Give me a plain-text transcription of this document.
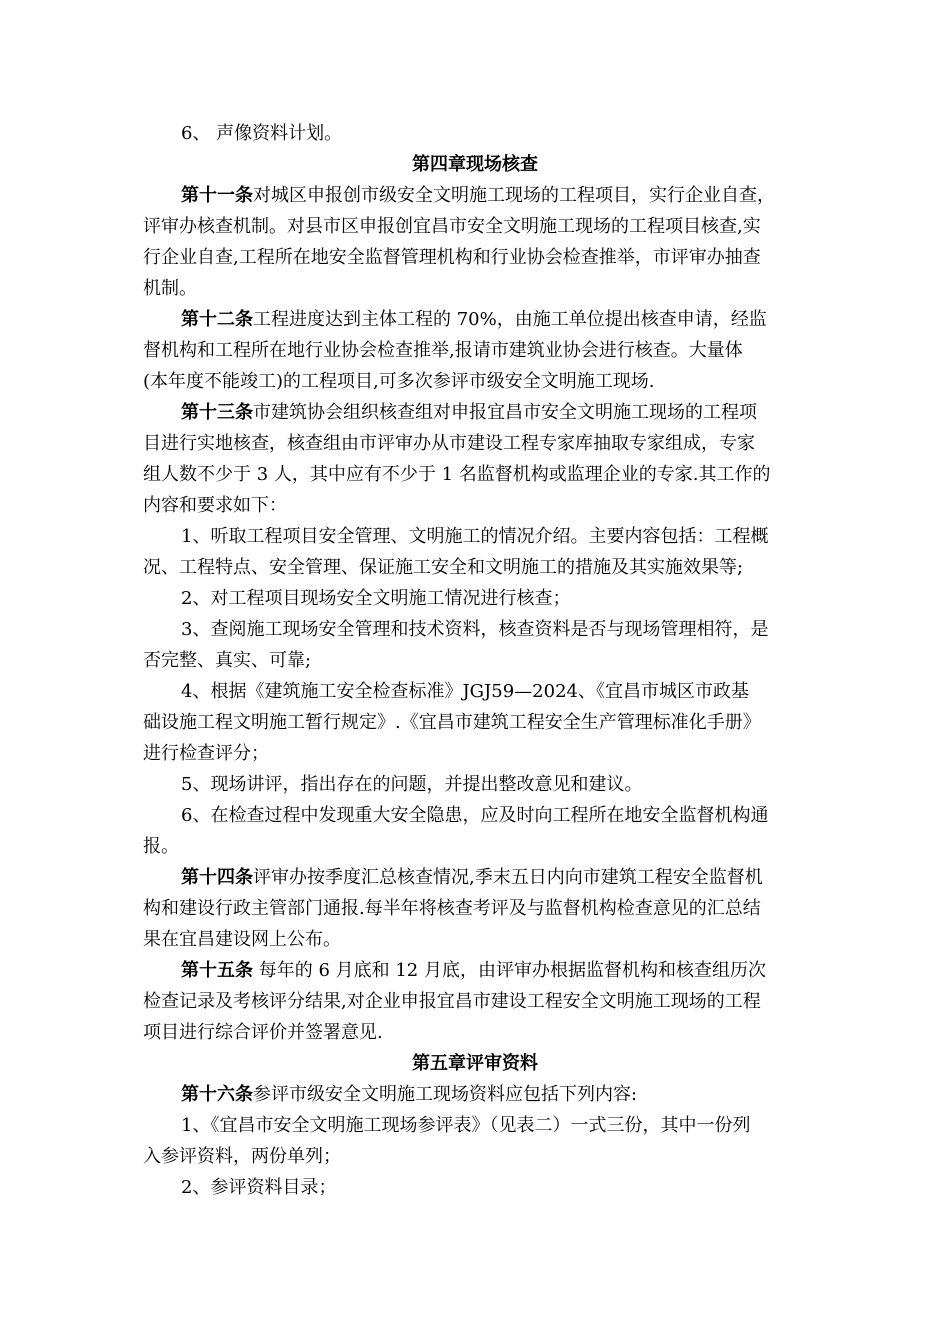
6、 声像资料计划。
第四章现场核查
第十一条对城区申报创市级安全文明施工现场的工程项目，实行企业自查，
评审办核查机制。对县市区申报创宜昌市安全文明施工现场的工程项目核查,实
行企业自查,工程所在地安全监督管理机构和行业协会检查推举，市评审办抽查
机制。
第十二条工程进度达到主体工程的 70%，由施工单位提出核查申请，经监
督机构和工程所在地行业协会检查推举,报请市建筑业协会进行核查。大量体
(本年度不能竣工)的工程项目,可多次参评市级安全文明施工现场.
第十三条市建筑协会组织核查组对申报宜昌市安全文明施工现场的工程项
目进行实地核查，核查组由市评审办从市建设工程专家库抽取专家组成，专家
组人数不少于 3 人，其中应有不少于 1 名监督机构或监理企业的专家.其工作的
内容和要求如下：
1、听取工程项目安全管理、文明施工的情况介绍。主要内容包括：工程概
况、工程特点、安全管理、保证施工安全和文明施工的措施及其实施效果等;
2、对工程项目现场安全文明施工情况进行核查；
3、查阅施工现场安全管理和技术资料，核查资料是否与现场管理相符，是
否完整、真实、可靠;
4、根据《建筑施工安全检查标准》JGJ59—2024、《宜昌市城区市政基
础设施工程文明施工暂行规定》.《宜昌市建筑工程安全生产管理标准化手册》
进行检查评分；
5、现场讲评，指出存在的问题，并提出整改意见和建议。
6、在检查过程中发现重大安全隐患，应及时向工程所在地安全监督机构通
报。
第十四条评审办按季度汇总核查情况,季末五日内向市建筑工程安全监督机
构和建设行政主管部门通报.每半年将核查考评及与监督机构检查意见的汇总结
果在宜昌建设网上公布。
第十五条 每年的 6 月底和 12 月底，由评审办根据监督机构和核查组历次
检查记录及考核评分结果,对企业申报宜昌市建设工程安全文明施工现场的工程
项目进行综合评价并签署意见.
第五章评审资料
第十六条参评市级安全文明施工现场资料应包括下列内容:
1、《宜昌市安全文明施工现场参评表》（见表二）一式三份，其中一份列
入参评资料，两份单列；
2、参评资料目录；
